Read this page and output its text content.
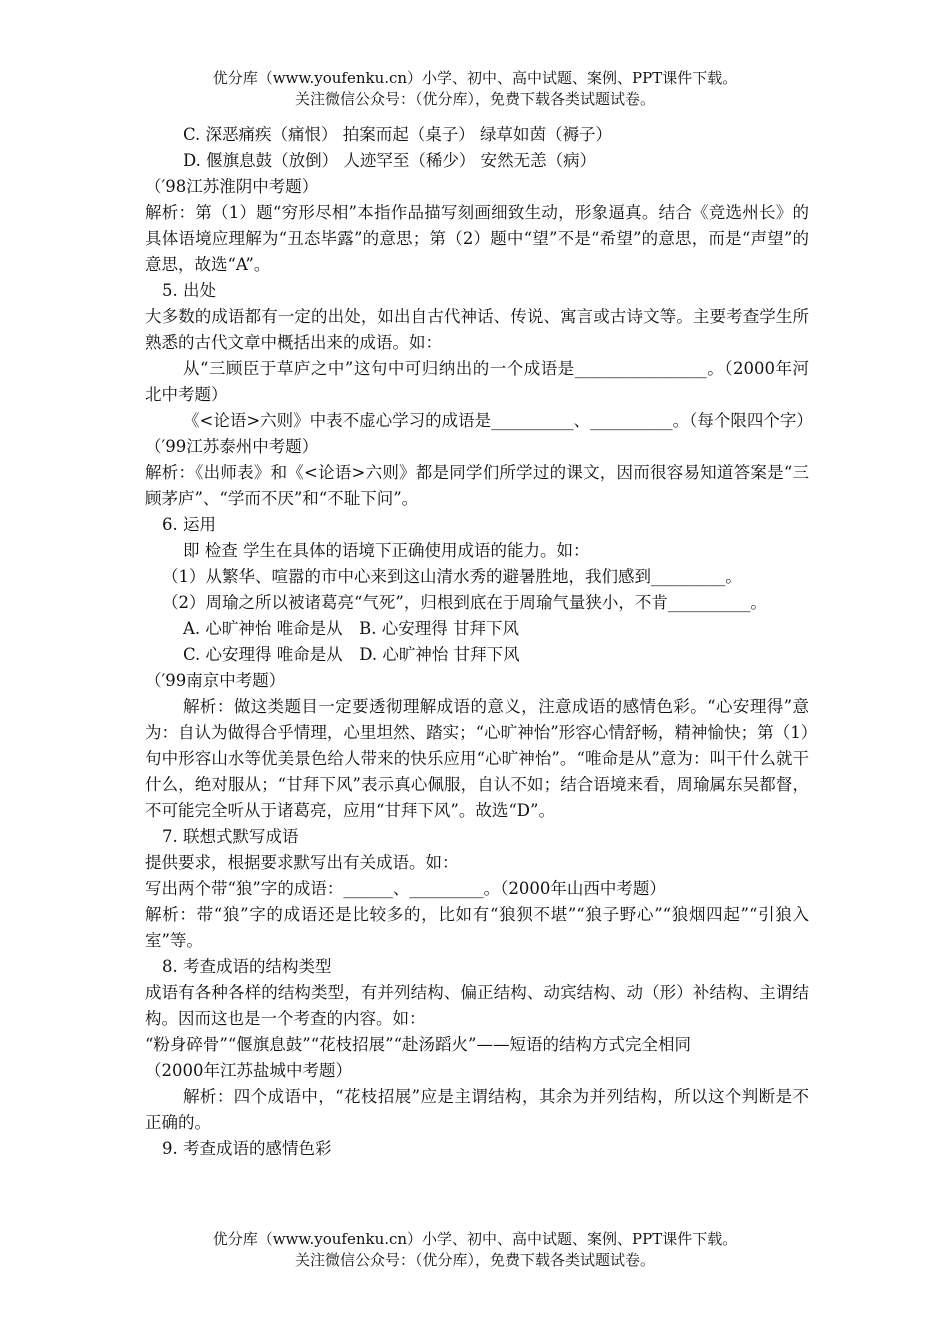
优分库（www.youfenku.cn）小学、初中、高中试题、案例、PPT课件下载。
关注微信公众号：（优分库），免费下载各类试题试卷。

C. 深恶痛疾（痛恨） 拍案而起（桌子） 绿草如茵（褥子）

D. 偃旗息鼓（放倒） 人迹罕至（稀少） 安然无恙（病）

（′98江苏淮阴中考题）

解析：第（1）题“穷形尽相”本指作品描写刻画细致生动，形象逼真。结合《竞选州长》的具体语境应理解为“丑态毕露”的意思；第（2）题中“望”不是“希望”的意思，而是“声望”的意思，故选“A”。

5. 出处

大多数的成语都有一定的出处，如出自古代神话、传说、寓言或古诗文等。主要考查学生所熟悉的古代文章中概括出来的成语。如：

从“三顾臣于草庐之中”这句中可归纳出的一个成语是________________。（2000年河北中考题）

《<论语>六则》中表不虚心学习的成语是__________、__________。（每个限四个字）

（′99江苏泰州中考题）

解析：《出师表》和《<论语>六则》都是同学们所学过的课文，因而很容易知道答案是“三顾茅庐”、“学而不厌”和“不耻下问”。

6. 运用

即 检查 学生在具体的语境下正确使用成语的能力。如：

（1）从繁华、喧嚣的市中心来到这山清水秀的避暑胜地，我们感到_________。

（2）周瑜之所以被诸葛亮“气死”，归根到底在于周瑜气量狭小，不肯__________。

A. 心旷神怡 唯命是从　B. 心安理得 甘拜下风

C. 心安理得 唯命是从　D. 心旷神怡 甘拜下风

（′99南京中考题）

解析：做这类题目一定要透彻理解成语的意义，注意成语的感情色彩。“心安理得”意为：自认为做得合乎情理，心里坦然、踏实；“心旷神怡”形容心情舒畅，精神愉快；第（1）句中形容山水等优美景色给人带来的快乐应用“心旷神怡”。“唯命是从”意为：叫干什么就干什么，绝对服从；“甘拜下风”表示真心佩服，自认不如；结合语境来看，周瑜属东吴都督，不可能完全听从于诸葛亮，应用“甘拜下风”。故选“D”。

7. 联想式默写成语

提供要求，根据要求默写出有关成语。如：

写出两个带“狼”字的成语：______、_________。（2000年山西中考题）

解析：带“狼”字的成语还是比较多的，比如有“狼狈不堪”“狼子野心”“狼烟四起”“引狼入室”等。

8. 考查成语的结构类型

成语有各种各样的结构类型，有并列结构、偏正结构、动宾结构、动（形）补结构、主谓结构。因而这也是一个考查的内容。如：

“粉身碎骨”“偃旗息鼓”“花枝招展”“赴汤蹈火”——短语的结构方式完全相同

（2000年江苏盐城中考题）

解析：四个成语中，“花枝招展”应是主谓结构，其余为并列结构，所以这个判断是不正确的。

9. 考查成语的感情色彩

优分库（www.youfenku.cn）小学、初中、高中试题、案例、PPT课件下载。
关注微信公众号：（优分库），免费下载各类试题试卷。
